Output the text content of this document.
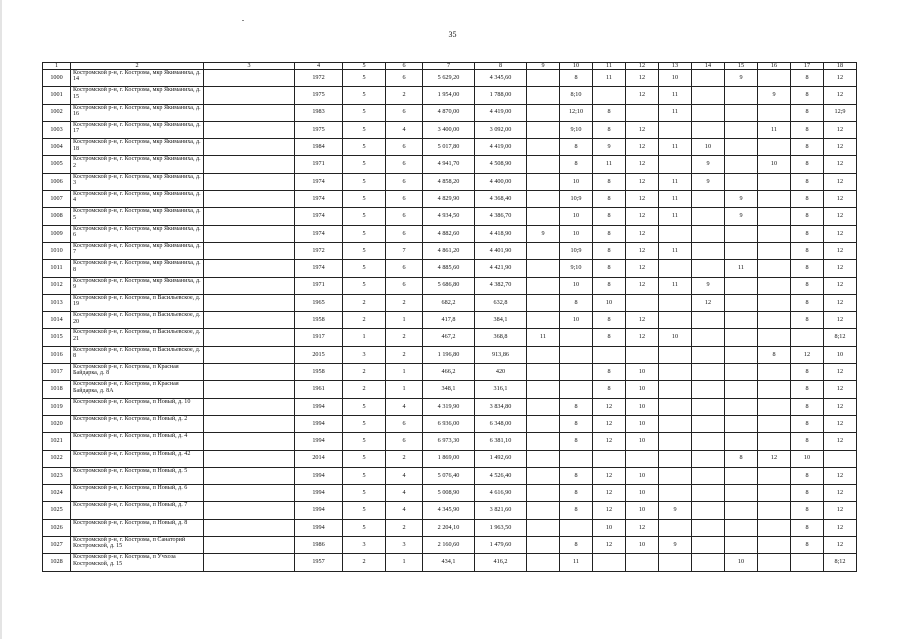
35
1	2	3	4	5	6	7	8	9	10	11	12	13	14	15	16	17	18
1000	Костромской р-н, г. Кострома, мкр Якиманиха, д. 14		1972	5	6	5 629,20	4 345,60		8	11	12	10		9		8	12
1001	Костромской р-н, г. Кострома, мкр Якиманиха, д. 15		1975	5	2	1 954,00	1 788,00		8;10		12	11			9	8	12
1002	Костромской р-н, г. Кострома, мкр Якиманиха, д. 16		1983	5	6	4 870,00	4 419,00		12;10	8		11				8	12;9
1003	Костромской р-н, г. Кострома, мкр Якиманиха, д. 17		1975	5	4	3 400,00	3 092,00		9;10	8	12				11	8	12
1004	Костромской р-н, г. Кострома, мкр Якиманиха, д. 18		1984	5	6	5 017,80	4 419,00		8	9	12	11	10			8	12
1005	Костромской р-н, г. Кострома, мкр Якиманиха, д. 2		1971	5	6	4 941,70	4 508,90		8	11	12		9		10	8	12
1006	Костромской р-н, г. Кострома, мкр Якиманиха, д. 3		1974	5	6	4 858,20	4 400,00		10	8	12	11	9			8	12
1007	Костромской р-н, г. Кострома, мкр Якиманиха, д. 4		1974	5	6	4 829,90	4 368,40		10;9	8	12	11		9		8	12
1008	Костромской р-н, г. Кострома, мкр Якиманиха, д. 5		1974	5	6	4 934,50	4 386,70		10	8	12	11		9		8	12
1009	Костромской р-н, г. Кострома, мкр Якиманиха, д. 6		1974	5	6	4 882,60	4 418,90	9	10	8	12					8	12
1010	Костромской р-н, г. Кострома, мкр Якиманиха, д. 7		1972	5	7	4 861,20	4 401,90		10;9	8	12	11				8	12
1011	Костромской р-н, г. Кострома, мкр Якиманиха, д. 8		1974	5	6	4 885,60	4 421,90		9;10	8	12			11		8	12
1012	Костромской р-н, г. Кострома, мкр Якиманиха, д. 9		1971	5	6	5 686,80	4 382,70		10	8	12	11	9			8	12
1013	Костромской р-н, г. Кострома, п Васильевское, д. 19		1965	2	2	682,2	632,8		8	10			12			8	12
1014	Костромской р-н, г. Кострома, п Васильевское, д. 20		1958	2	1	417,8	384,1		10	8	12					8	12
1015	Костромской р-н, г. Кострома, п Васильевское, д. 21		1917	1	2	467,2	368,8	11		8	12	10					8;12
1016	Костромской р-н, г. Кострома, п Васильевское, д. 8		2015	3	2	1 196,80	913,86								8	12	10
1017	Костромской р-н, г. Кострома, п Красная Байдарка, д. 8		1958	2	1	466,2	420			8	10					8	12
1018	Костромской р-н, г. Кострома, п Красная Байдарка, д. 8А		1961	2	1	348,1	316,1			8	10					8	12
1019	Костромской р-н, г. Кострома, п Новый, д. 10		1994	5	4	4 319,90	3 834,80		8	12	10					8	12
1020	Костромской р-н, г. Кострома, п Новый, д. 2		1994	5	6	6 936,00	6 348,00		8	12	10					8	12
1021	Костромской р-н, г. Кострома, п Новый, д. 4		1994	5	6	6 973,30	6 381,10		8	12	10					8	12
1022	Костромской р-н, г. Кострома, п Новый, д. 42		2014	5	2	1 869,00	1 492,60							8	12	10	
1023	Костромской р-н, г. Кострома, п Новый, д. 5		1994	5	4	5 076,40	4 526,40		8	12	10					8	12
1024	Костромской р-н, г. Кострома, п Новый, д. 6		1994	5	4	5 008,90	4 616,90		8	12	10					8	12
1025	Костромской р-н, г. Кострома, п Новый, д. 7		1994	5	4	4 345,90	3 821,60		8	12	10	9				8	12
1026	Костромской р-н, г. Кострома, п Новый, д. 8		1994	5	2	2 204,10	1 963,50			10	12					8	12
1027	Костромской р-н, г. Кострома, п Санаторий Костромской, д. 15		1986	3	3	2 160,60	1 479,60		8	12	10	9				8	12
1028	Костромской р-н, г. Кострома, п Учхоза Костромской, д. 15		1957	2	1	434,1	416,2		11					10			8;12
